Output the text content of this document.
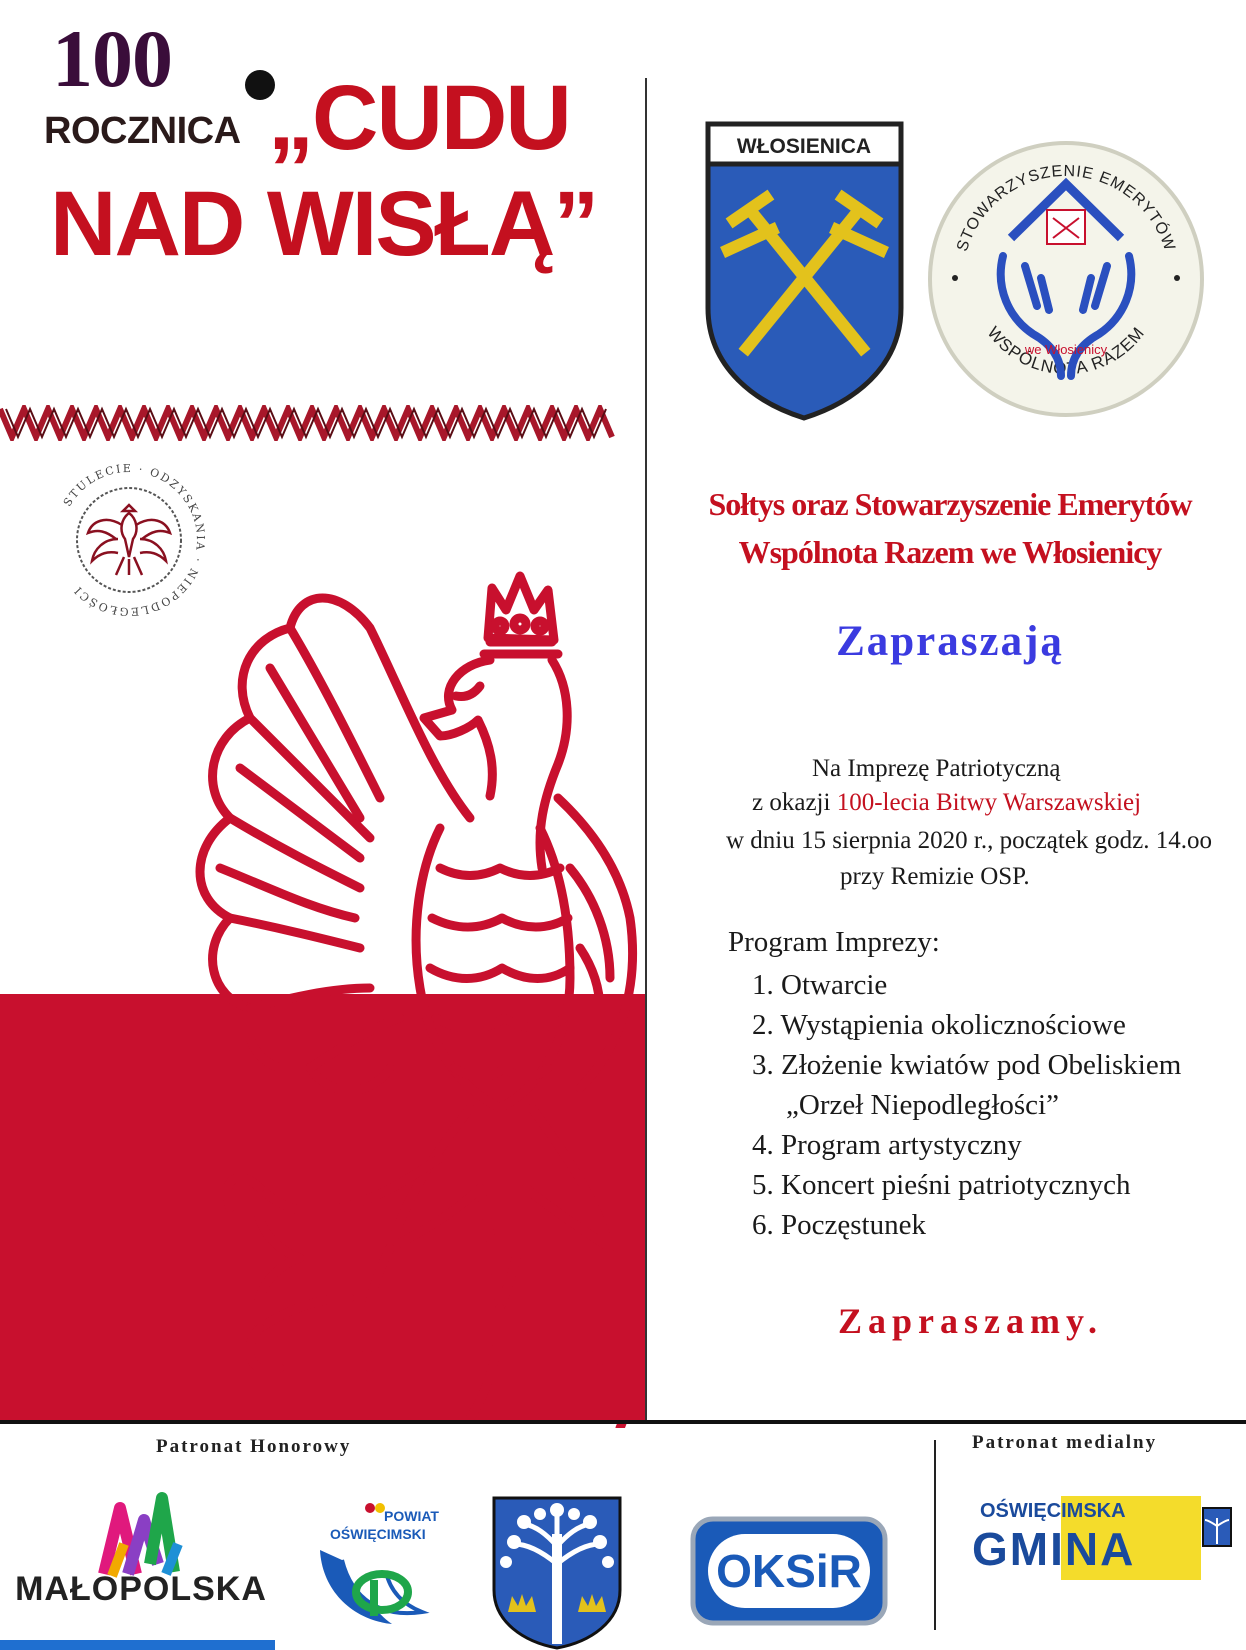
100
ROCZNICA „CUDU
NAD WISŁĄ”
STULECIE · ODZYSKANIA · NIEPODLEGŁOŚCI
WŁOSIENICA
STOWARZYSZENIE EMERYTÓW
WSPÓLNOTA RAZEM
we Włosienicy
Sołtys oraz Stowarzyszenie Emerytów
Wspólnota Razem we Włosienicy
Zapraszają
Na Imprezę Patriotyczną
z okazji 100-lecia Bitwy Warszawskiej
w dniu 15 sierpnia 2020 r., początek godz. 14.oo
przy Remizie OSP.
Program Imprezy:
1. Otwarcie
2. Wystąpienia okolicznościowe
3. Złożenie kwiatów pod Obeliskiem
„Orzeł Niepodległości”
4. Program artystyczny
5. Koncert pieśni patriotycznych
6. Poczęstunek
Zapraszamy.
Patronat Honorowy	Patronat medialny
MAŁOPOLSKA
POWIAT
OŚWIĘCIMSKI
OKSiR
OŚWIĘCIMSKA
GMINA
